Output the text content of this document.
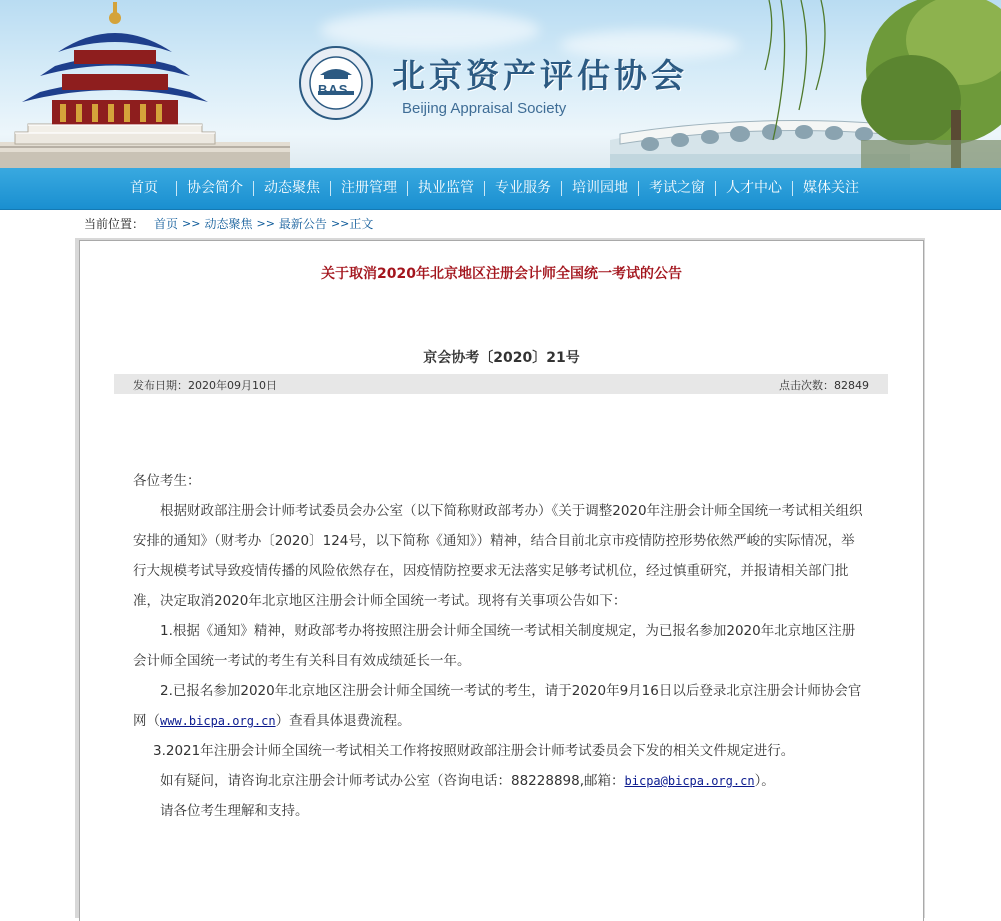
BAS 北京资产评估协会
Beijing Appraisal Society
首页	协会简介	动态聚焦	注册管理	执业监管	专业服务	培训园地	考试之窗	人才中心	媒体关注
当前位置： 首页 >> 动态聚焦 >> 最新公告 >> 正文
关于取消2020年北京地区注册会计师全国统一考试的公告
京会协考〔2020〕21号
发布日期：2020年09月10日	点击次数：82849

各位考生：

根据财政部注册会计师考试委员会办公室（以下简称财政部考办）《关于调整2020年注册会计师全国统一考试相关组织安排的通知》（财考办〔2020〕124号，以下简称《通知》）精神，结合目前北京市疫情防控形势依然严峻的实际情况，举行大规模考试导致疫情传播的风险依然存在，因疫情防控要求无法落实足够考试机位，经过慎重研究，并报请相关部门批准，决定取消2020年北京地区注册会计师全国统一考试。现将有关事项公告如下：

1.根据《通知》精神，财政部考办将按照注册会计师全国统一考试相关制度规定，为已报名参加2020年北京地区注册会计师全国统一考试的考生有关科目有效成绩延长一年。

2.已报名参加2020年北京地区注册会计师全国统一考试的考生，请于2020年9月16日以后登录北京注册会计师协会官网（www.bicpa.org.cn）查看具体退费流程。

3.2021年注册会计师全国统一考试相关工作将按照财政部注册会计师考试委员会下发的相关文件规定进行。

如有疑问，请咨询北京注册会计师考试办公室（咨询电话：88228898,邮箱：bicpa@bicpa.org.cn）。

请各位考生理解和支持。
